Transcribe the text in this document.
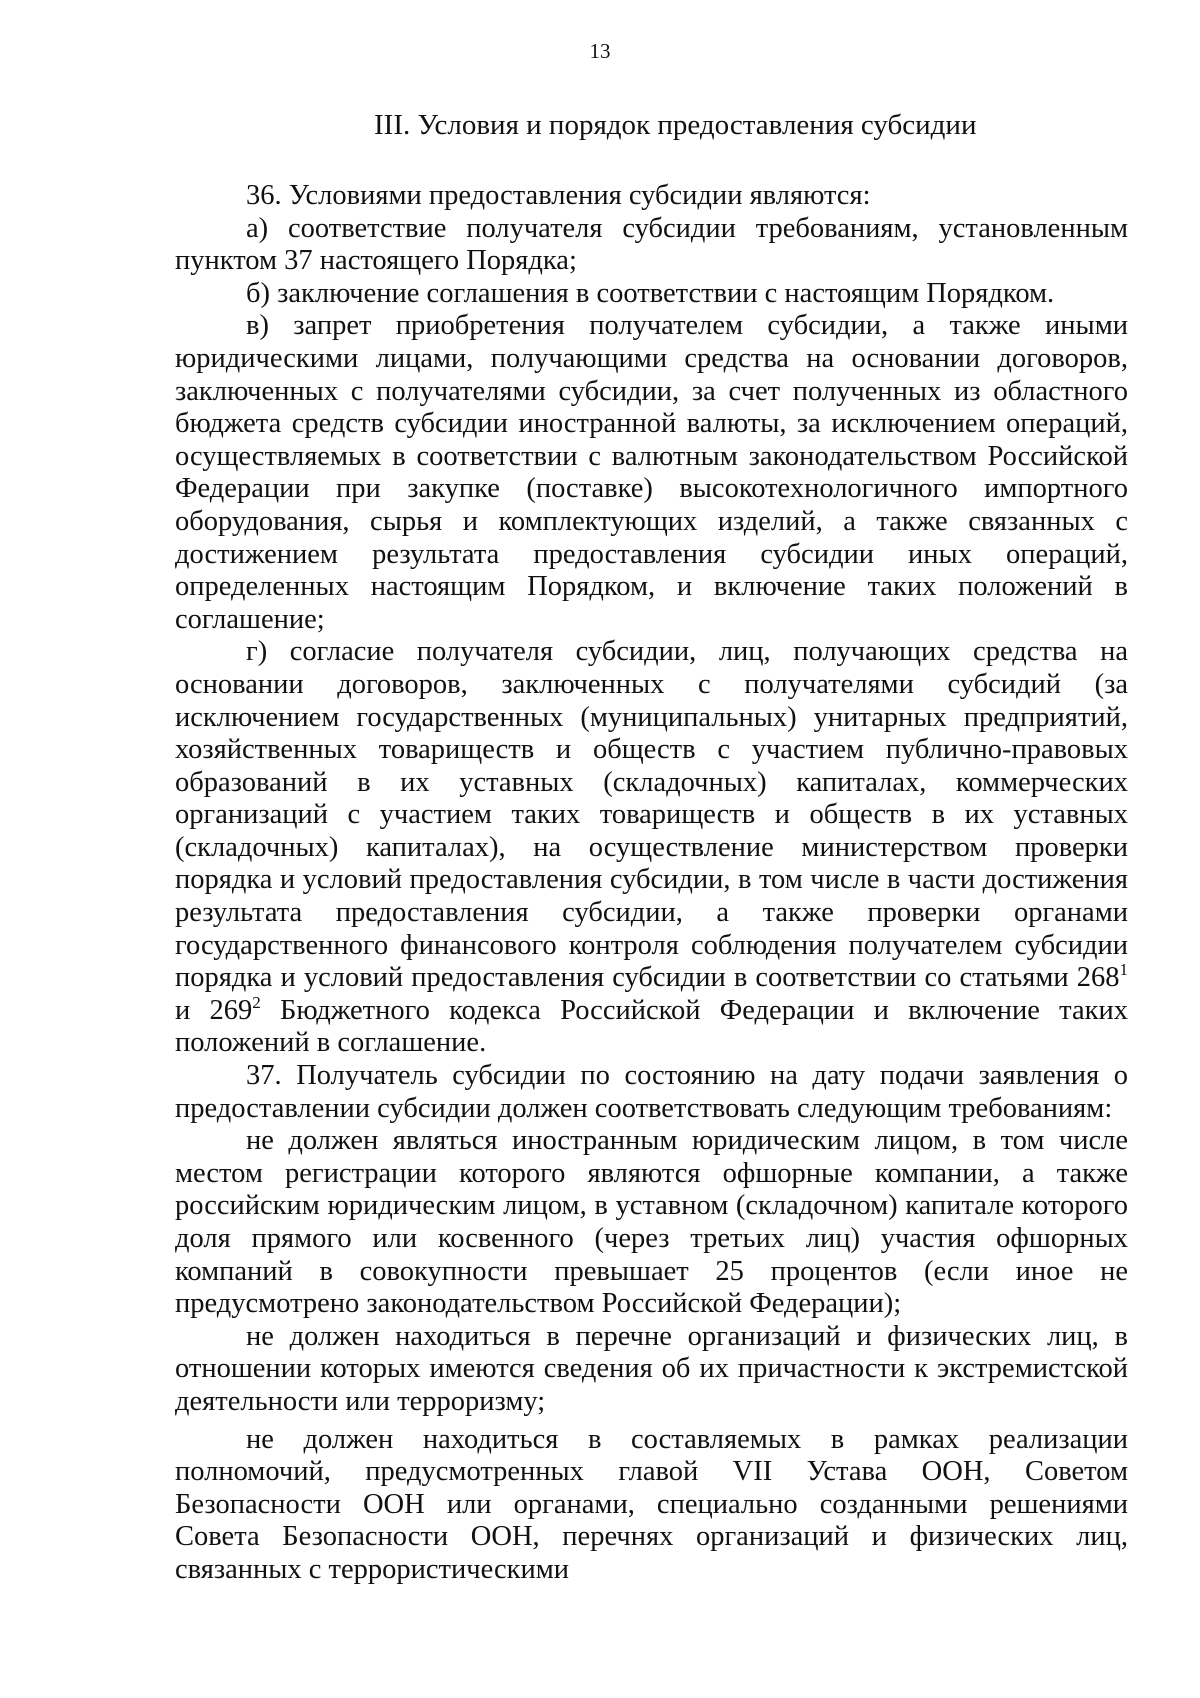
13
III. Условия и порядок предоставления субсидии

36. Условиями предоставления субсидии являются:

а) соответствие получателя субсидии требованиям, установленным пунктом 37 настоящего Порядка;

б) заключение соглашения в соответствии с настоящим Порядком.

в) запрет приобретения получателем субсидии, а также иными юридическими лицами, получающими средства на основании договоров, заключенных с получателями субсидии, за счет полученных из областного бюджета средств субсидии иностранной валюты, за исключением операций, осуществляемых в соответствии с валютным законодательством Российской Федерации при закупке (поставке) высокотехнологичного импортного оборудования, сырья и комплектующих изделий, а также связанных с достижением результата предоставления субсидии иных операций, определенных настоящим Порядком, и включение таких положений в соглашение;

г) согласие получателя субсидии, лиц, получающих средства на основании договоров, заключенных с получателями субсидий (за исключением государственных (муниципальных) унитарных предприятий, хозяйственных товариществ и обществ с участием публично-правовых образований в их уставных (складочных) капиталах, коммерческих организаций с участием таких товариществ и обществ в их уставных (складочных) капиталах), на осуществление министерством проверки порядка и условий предоставления субсидии, в том числе в части достижения результата предоставления субсидии, а также проверки органами государственного финансового контроля соблюдения получателем субсидии порядка и условий предоставления субсидии в соответствии со статьями $268^1$ и $269^2$ Бюджетного кодекса Российской Федерации и включение таких положений в соглашение.

37. Получатель субсидии по состоянию на дату подачи заявления о предоставлении субсидии должен соответствовать следующим требованиям:

не должен являться иностранным юридическим лицом, в том числе местом регистрации которого являются офшорные компании, а также российским юридическим лицом, в уставном (складочном) капитале которого доля прямого или косвенного (через третьих лиц) участия офшорных компаний в совокупности превышает 25 процентов (если иное не предусмотрено законодательством Российской Федерации);

не должен находиться в перечне организаций и физических лиц, в отношении которых имеются сведения об их причастности к экстремистской деятельности или терроризму;

не должен находиться в составляемых в рамках реализации полномочий, предусмотренных главой VII Устава ООН, Советом Безопасности ООН или органами, специально созданными решениями Совета Безопасности ООН, перечнях организаций и физических лиц, связанных с террористическими
